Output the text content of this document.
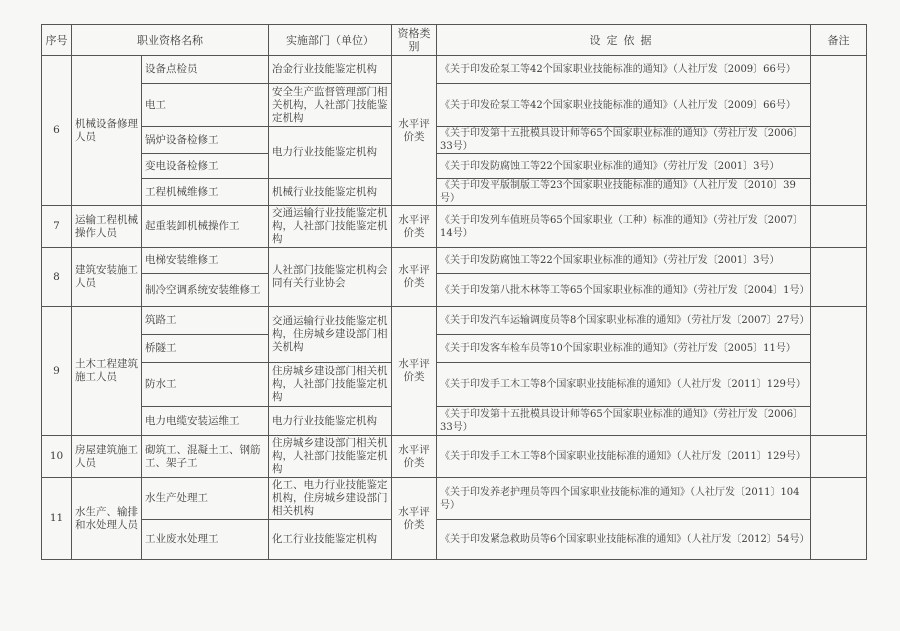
序号	职业资格名称		实施部门（单位）	资格类别	设定依据	备注
6	机械设备修理人员	设备点检员	冶金行业技能鉴定机构	水平评价类	《关于印发砼泵工等42个国家职业技能标准的通知》（人社厅发〔2009〕66号）	
		电工	安全生产监督管理部门相关机构，人社部门技能鉴定机构		《关于印发砼泵工等42个国家职业技能标准的通知》（人社厅发〔2009〕66号）	
		锅炉设备检修工	电力行业技能鉴定机构		《关于印发第十五批模具设计师等65个国家职业标准的通知》（劳社厅发〔2006〕33号）	
		变电设备检修工			《关于印发防腐蚀工等22个国家职业标准的通知》（劳社厅发〔2001〕3号）	
		工程机械维修工	机械行业技能鉴定机构		《关于印发平版制版工等23个国家职业技能标准的通知》（人社厅发〔2010〕39号）	
7	运输工程机械操作人员	起重装卸机械操作工	交通运输行业技能鉴定机构，人社部门技能鉴定机构	水平评价类	《关于印发列车值班员等65个国家职业（工种）标准的通知》（劳社厅发〔2007〕14号）	
8	建筑安装施工人员	电梯安装维修工	人社部门技能鉴定机构会同有关行业协会	水平评价类	《关于印发防腐蚀工等22个国家职业标准的通知》（劳社厅发〔2001〕3号）	
		制冷空调系统安装维修工			《关于印发第八批木林等工等65个国家职业标准的通知》（劳社厅发〔2004〕1号）	
9	土木工程建筑施工人员	筑路工	交通运输行业技能鉴定机构，住房城乡建设部门相关机构	水平评价类	《关于印发汽车运输调度员等8个国家职业标准的通知》（劳社厅发〔2007〕27号）	
		桥隧工			《关于印发客车检车员等10个国家职业标准的通知》（劳社厅发〔2005〕11号）	
		防水工	住房城乡建设部门相关机构，人社部门技能鉴定机构		《关于印发手工木工等8个国家职业技能标准的通知》（人社厅发〔2011〕129号）	
		电力电缆安装运维工	电力行业技能鉴定机构		《关于印发第十五批模具设计师等65个国家职业标准的通知》（劳社厅发〔2006〕33号）	
10	房屋建筑施工人员	砌筑工、混凝土工、钢筋工、架子工	住房城乡建设部门相关机构，人社部门技能鉴定机构	水平评价类	《关于印发手工木工等8个国家职业技能标准的通知》（人社厅发〔2011〕129号）	
11	水生产、输排和水处理人员	水生产处理工	化工、电力行业技能鉴定机构，住房城乡建设部门相关机构	水平评价类	《关于印发养老护理员等四个国家职业技能标准的通知》（人社厅发〔2011〕104号）	
		工业废水处理工	化工行业技能鉴定机构		《关于印发紧急救助员等6个国家职业技能标准的通知》（人社厅发〔2012〕54号）	
